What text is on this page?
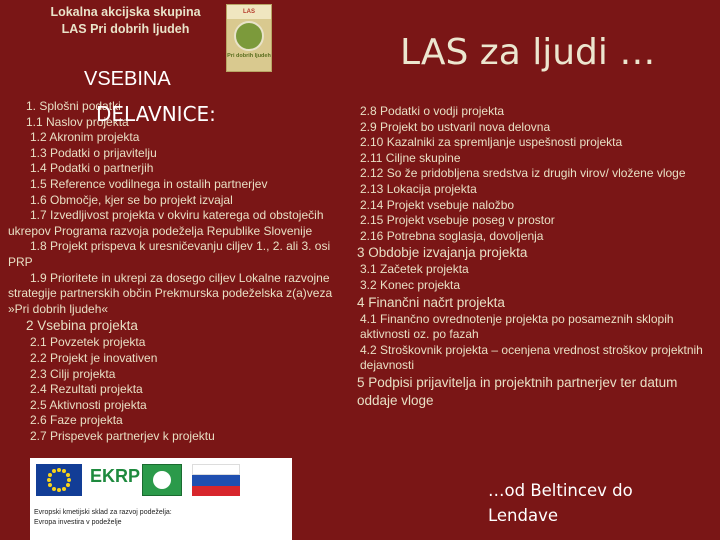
Lokalna akcijska skupina
LAS Pri dobrih ljudeh
LAS
Pri dobrih ljudeh	LAS za ljudi …
VSEBINA
1. Splošni podatki
1.1 Naslov projekta
1.2 Akronim projekta
1.3 Podatki o prijavitelju
1.4 Podatki o partnerjih
1.5 Reference vodilnega in ostalih partnerjev
1.6 Območje, kjer se bo projekt izvajal
1.7 Izvedljivost projekta v okviru katerega od obstoječih ukrepov Programa razvoja podeželja Republike Slovenije
1.8 Projekt prispeva k uresničevanju ciljev 1., 2. ali 3. osi PRP
1.9 Prioritete in ukrepi za dosego ciljev Lokalne razvojne strategije partnerskih občin Prekmurska podeželska z(a)veza »Pri dobrih ljudeh«
2 Vsebina projekta
2.1 Povzetek projekta
2.2 Projekt je inovativen
2.3 Cilji projekta
2.4 Rezultati projekta
2.5 Aktivnosti projekta
2.6 Faze projekta
2.7 Prispevek partnerjev k projektu
DELAVNICE:	2.8 Podatki o vodji projekta
2.9 Projekt bo ustvaril nova delovna
2.10 Kazalniki za spremljanje uspešnosti projekta
2.11 Ciljne skupine
2.12 So že pridobljena sredstva iz drugih virov/ vložene vloge
2.13 Lokacija projekta
2.14 Projekt vsebuje naložbo
2.15 Projekt vsebuje poseg v prostor
2.16 Potrebna soglasja, dovoljenja
3 Obdobje izvajanja projekta
3.1 Začetek projekta
3.2 Konec projekta
4 Finančni načrt projekta
4.1 Finančno ovrednotenje projekta po posameznih sklopih aktivnosti oz. po fazah
4.2 Stroškovnik projekta – ocenjena vrednost stroškov projektnih dejavnosti
5 Podpisi prijavitelja in projektnih partnerjev ter datum oddaje vloge
EKRP
Evropski kmetijski sklad za razvoj podeželja:
Evropa investira v podeželje
…od Beltincev do
Lendave
